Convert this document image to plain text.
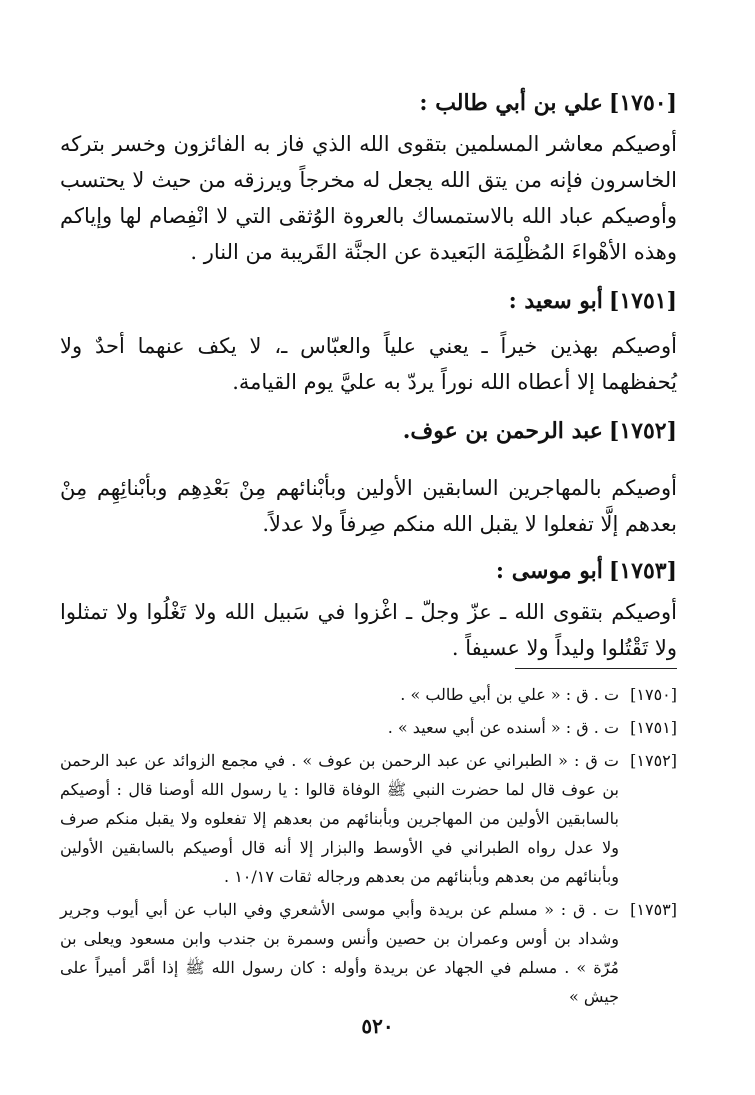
[١٧٥٠]علي بن أبي طالب :

أوصيكم معاشر المسلمين بتقوى الله الذي فاز به الفائزون وخسر بتركه الخاسرون فإنه من يتق الله يجعل له مخرجاً ويرزقه من حيث لا يحتسب وأوصيكم عباد الله بالاستمساك بالعروة الوُثقى التي لا انْفِصام لها وإياكم وهذه الأهْواءَ المُظْلِمَة البَعيدة عن الجنَّة القَريبة من النار .

[١٧٥١]أبو سعيد :

أوصيكم بهذين خيراً ـ يعني علياً والعبّاس ـ، لا يكف عنهما أحدٌ ولا يُحفظهما إلا أعطاه الله نوراً يردّ به عليَّ يوم القيامة.

[١٧٥٢]عبد الرحمن بن عوف.

أوصيكم بالمهاجرين السابقين الأولين وبأبْنائهم مِنْ بَعْدِهِم وبأبْنائِهِم مِنْ بعدهم إلَّا تفعلوا لا يقبل الله منكم صِرفاً ولا عدلاً.

[١٧٥٣]أبو موسى :

أوصيكم بتقوى الله ـ عزّ وجلّ ـ اغْزوا في سَبيل الله ولا تَغْلُوا ولا تمثلوا ولا تَقْتُلوا وليداً ولا عسيفاً .

[١٧٥٠]
ت . ق : « علي بن أبي طالب » .
[١٧٥١]
ت . ق : « أسنده عن أبي سعيد » .
[١٧٥٢]
ت ق : « الطبراني عن عبد الرحمن بن عوف » . في مجمع الزوائد عن عبد الرحمن بن عوف قال لما حضرت النبي ﷺ الوفاة قالوا : يا رسول الله أوصنا قال : أوصيكم بالسابقين الأولين من المهاجرين وبأبنائهم من بعدهم إلا تفعلوه ولا يقبل منكم صرف ولا عدل رواه الطبراني في الأوسط والبزار إلا أنه قال أوصيكم بالسابقين الأولين وبأبنائهم من بعدهم وبأبنائهم من بعدهم ورجاله ثقات ١٠/١٧ .
[١٧٥٣]
ت . ق : « مسلم عن بريدة وأبي موسى الأشعري وفي الباب عن أبي أيوب وجرير وشداد بن أوس وعمران بن حصين وأنس وسمرة بن جندب وابن مسعود ويعلى بن مُرّة » . مسلم في الجهاد عن بريدة وأوله : كان رسول الله ﷺ إذا أمَّر أميراً على جيش »
٥٢٠
